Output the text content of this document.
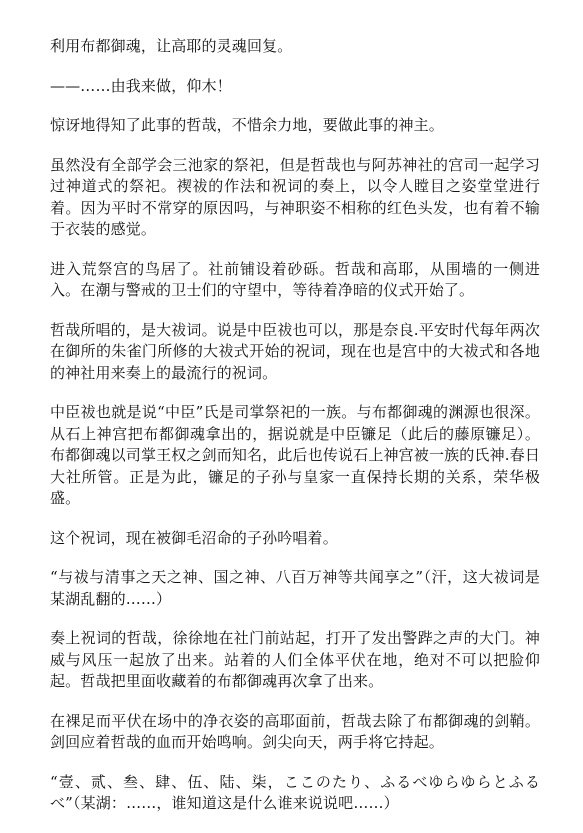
利用布都御魂，让高耶的灵魂回复。

——……由我来做，仰木！

惊讶地得知了此事的哲哉，不惜余力地，要做此事的神主。

虽然没有全部学会三池家的祭祀，但是哲哉也与阿苏神社的宫司一起学习过神道式的祭祀。禊祓的作法和祝词的奏上，以令人瞠目之姿堂堂进行着。因为平时不常穿的原因吗，与神职姿不相称的红色头发，也有着不输于衣装的感觉。

进入荒祭宫的鸟居了。社前铺设着砂砾。哲哉和高耶，从围墙的一侧进入。在潮与警戒的卫士们的守望中，等待着净暗的仪式开始了。

哲哉所唱的，是大祓词。说是中臣祓也可以，那是奈良.平安时代每年两次在御所的朱雀门所修的大祓式开始的祝词，现在也是宫中的大祓式和各地的神社用来奏上的最流行的祝词。

中臣祓也就是说“中臣”氏是司掌祭祀的一族。与布都御魂的渊源也很深。从石上神宫把布都御魂拿出的，据说就是中臣镰足（此后的藤原镰足）。布都御魂以司掌王权之剑而知名，此后也传说石上神宫被一族的氏神.春日大社所管。正是为此，镰足的子孙与皇家一直保持长期的关系，荣华极盛。

这个祝词，现在被御毛沼命的子孙吟唱着。

“与祓与清事之天之神、国之神、八百万神等共闻享之”（汗，这大祓词是某湖乱翻的……）

奏上祝词的哲哉，徐徐地在社门前站起，打开了发出警跸之声的大门。神威与风压一起放了出来。站着的人们全体平伏在地，绝对不可以把脸仰起。哲哉把里面收藏着的布都御魂再次拿了出来。

在裸足而平伏在场中的净衣姿的高耶面前，哲哉去除了布都御魂的剑鞘。剑回应着哲哉的血而开始鸣响。剑尖向天，两手将它持起。

“壹、贰、叁、肆、伍、陆、柒，ここのたり、ふるべゆらゆらとふるべ”（某湖：……，谁知道这是什么谁来说说吧……）
